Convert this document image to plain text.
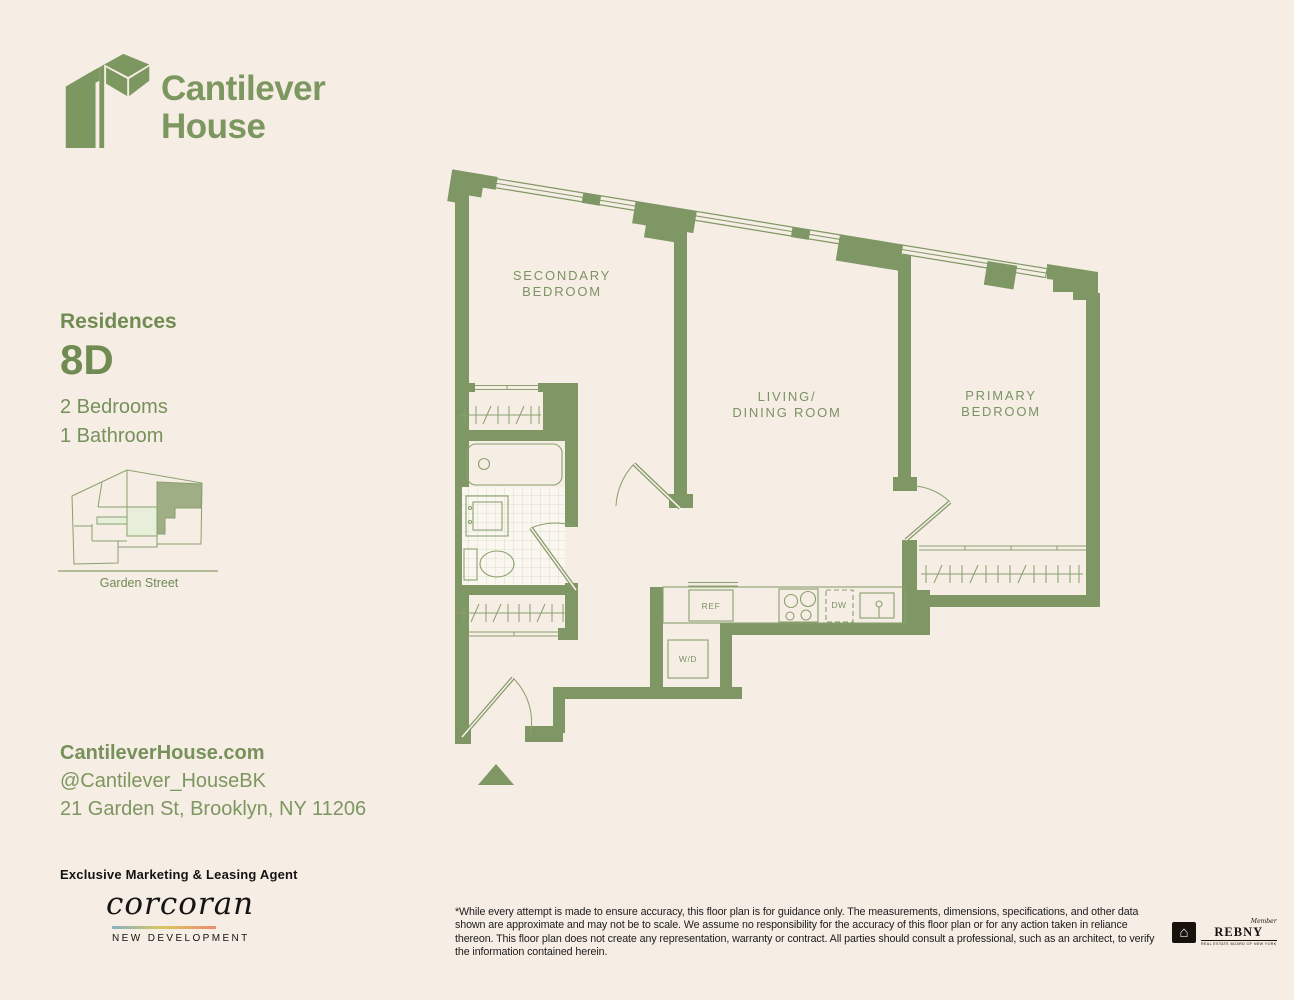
Cantilever
House
Residences
8D
2 Bedrooms
1 Bathroom
Garden Street
SECONDARY
BEDROOM
LIVING/
DINING ROOM
PRIMARY
BEDROOM
REF	DW
W/D
CantileverHouse.com
@Cantilever_HouseBK
21 Garden St, Brooklyn, NY 11206
Exclusive Marketing & Leasing Agent
corcoran
NEW DEVELOPMENT
*While every attempt is made to ensure accuracy, this floor plan is for guidance only. The measurements, dimensions, specifications, and other data shown are approximate and may not be to scale. We assume no responsibility for the accuracy of this floor plan or for any action taken in reliance thereon. This floor plan does not create any representation, warranty or contract. All parties should consult a professional, such as an architect, to verify the information contained herein.
⌂
Member
REBNY
REAL ESTATE BOARD OF NEW YORK
